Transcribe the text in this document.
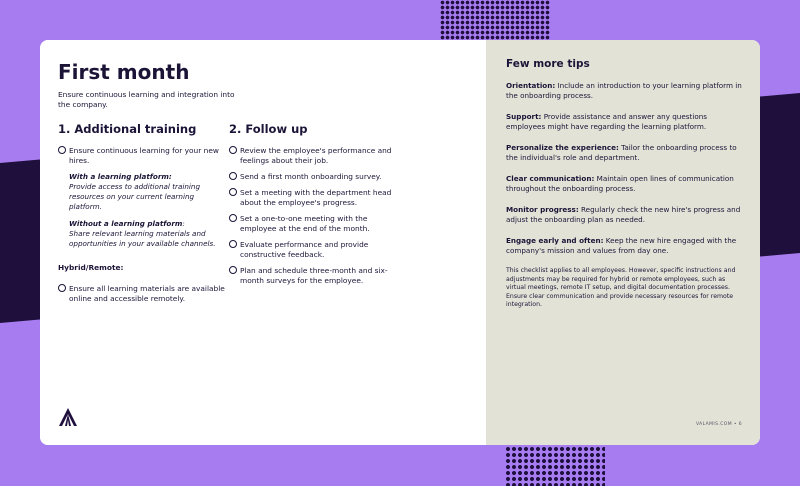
First month

Ensure continuous learning and integration into the company.

1. Additional training
Ensure continuous learning for your new hires.
With a learning platform:
Provide access to additional training resources on your current learning platform.
Without a learning platform:
Share relevant learning materials and opportunities in your available channels.
Hybrid/Remote:
Ensure all learning materials are available online and accessible remotely.
2. Follow up
Review the employee's performance and feelings about their job.
Send a first month onboarding survey.
Set a meeting with the department head about the employee's progress.
Set a one-to-one meeting with the employee at the end of the month.
Evaluate performance and provide constructive feedback.
Plan and schedule three-month and six-month surveys for the employee.
Few more tips

Orientation: Include an introduction to your learning platform in the onboarding process.

Support: Provide assistance and answer any questions employees might have regarding the learning platform.

Personalize the experience: Tailor the onboarding process to the individual's role and department.

Clear communication: Maintain open lines of communication throughout the onboarding process.

Monitor progress: Regularly check the new hire's progress and adjust the onboarding plan as needed.

Engage early and often: Keep the new hire engaged with the company's mission and values from day one.

This checklist applies to all employees. However, specific instructions and adjustments may be required for hybrid or remote employees, such as virtual meetings, remote IT setup, and digital documentation processes. Ensure clear communication and provide necessary resources for remote integration.

VALAMIS.COM • 6
